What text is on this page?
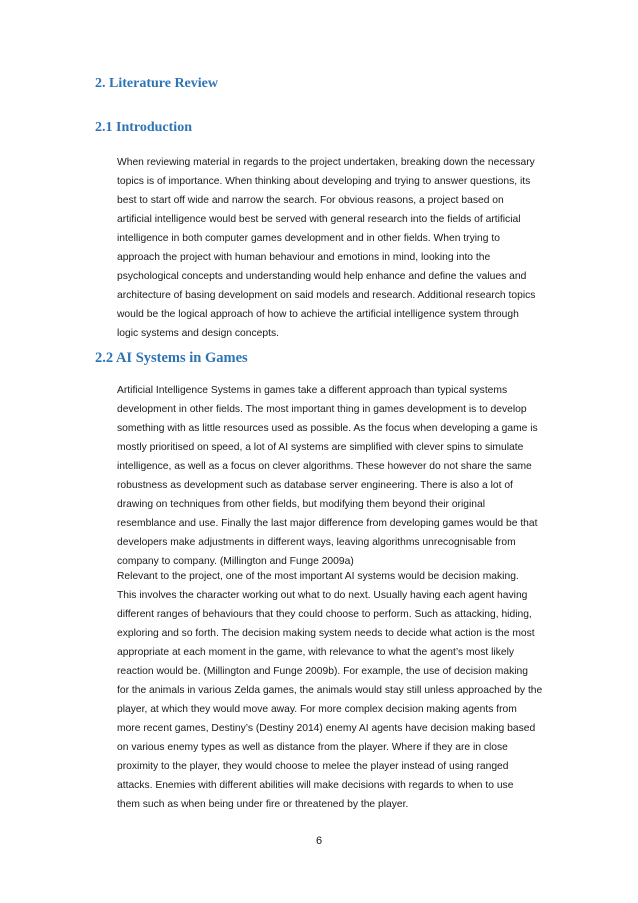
2. Literature Review
2.1 Introduction
When reviewing material in regards to the project undertaken, breaking down the necessary
topics is of importance. When thinking about developing and trying to answer questions, its
best to start off wide and narrow the search. For obvious reasons, a project based on
artificial intelligence would best be served with general research into the fields of artificial
intelligence in both computer games development and in other fields. When trying to
approach the project with human behaviour and emotions in mind, looking into the
psychological concepts and understanding would help enhance and define the values and
architecture of basing development on said models and research. Additional research topics
would be the logical approach of how to achieve the artificial intelligence system through
logic systems and design concepts.
2.2 AI Systems in Games
Artificial Intelligence Systems in games take a different approach than typical systems
development in other fields. The most important thing in games development is to develop
something with as little resources used as possible. As the focus when developing a game is
mostly prioritised on speed, a lot of AI systems are simplified with clever spins to simulate
intelligence, as well as a focus on clever algorithms. These however do not share the same
robustness as development such as database server engineering. There is also a lot of
drawing on techniques from other fields, but modifying them beyond their original
resemblance and use. Finally the last major difference from developing games would be that
developers make adjustments in different ways, leaving algorithms unrecognisable from
company to company. (Millington and Funge 2009a)
Relevant to the project, one of the most important AI systems would be decision making.
This involves the character working out what to do next. Usually having each agent having
different ranges of behaviours that they could choose to perform. Such as attacking, hiding,
exploring and so forth. The decision making system needs to decide what action is the most
appropriate at each moment in the game, with relevance to what the agent’s most likely
reaction would be. (Millington and Funge 2009b). For example, the use of decision making
for the animals in various Zelda games, the animals would stay still unless approached by the
player, at which they would move away. For more complex decision making agents from
more recent games, Destiny’s (Destiny 2014) enemy AI agents have decision making based
on various enemy types as well as distance from the player. Where if they are in close
proximity to the player, they would choose to melee the player instead of using ranged
attacks. Enemies with different abilities will make decisions with regards to when to use
them such as when being under fire or threatened by the player.
6
